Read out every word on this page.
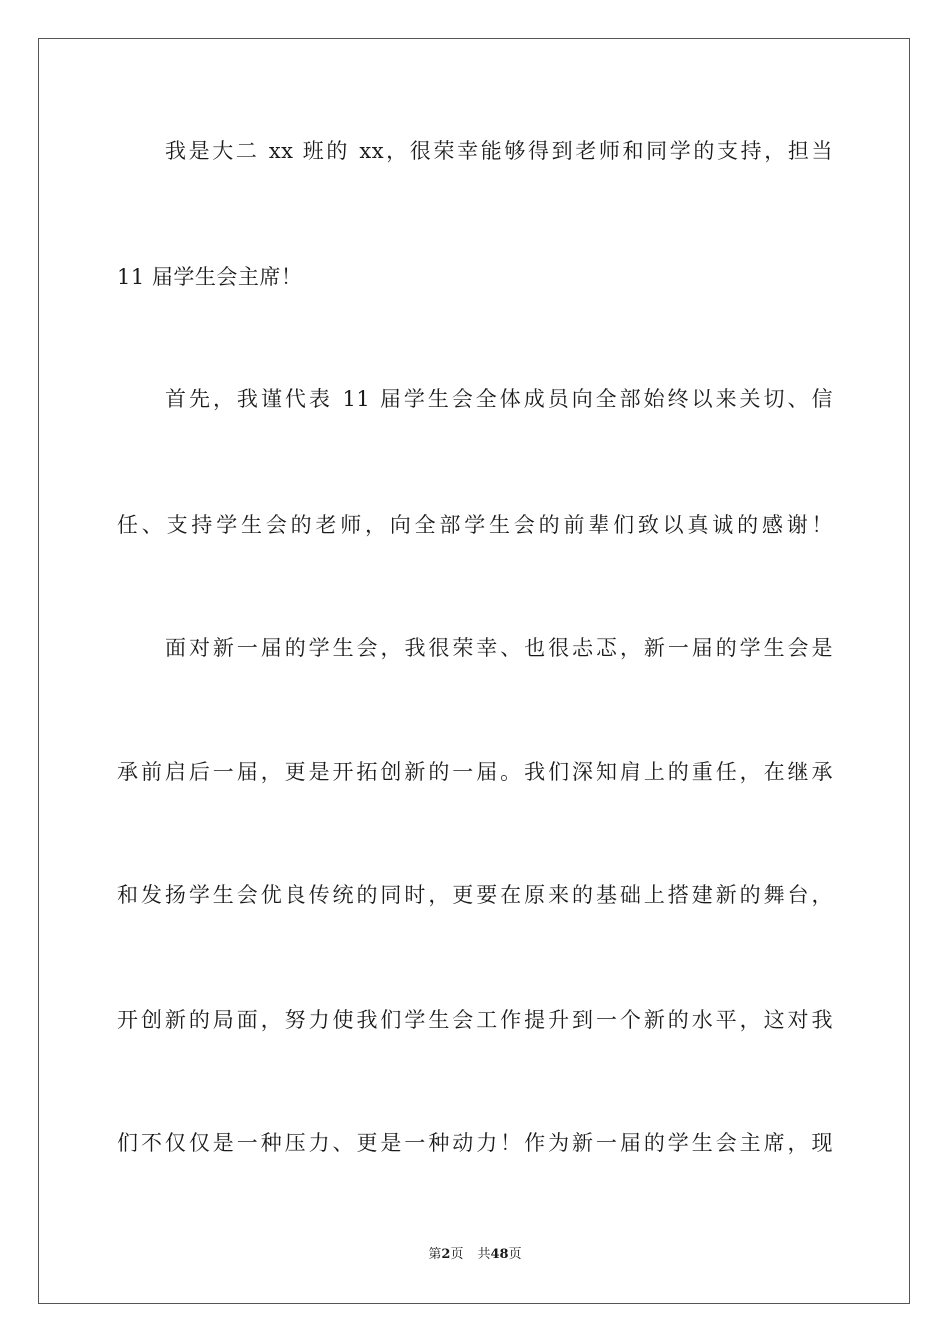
我是大二 xx 班的 xx，很荣幸能够得到老师和同学的支持，担当
11 届学生会主席！
首先，我谨代表 11 届学生会全体成员向全部始终以来关切、信
任、支持学生会的老师，向全部学生会的前辈们致以真诚的感谢！
面对新一届的学生会，我很荣幸、也很忐忑，新一届的学生会是
承前启后一届，更是开拓创新的一届。我们深知肩上的重任，在继承
和发扬学生会优良传统的同时，更要在原来的基础上搭建新的舞台，
开创新的局面，努力使我们学生会工作提升到一个新的水平，这对我
们不仅仅是一种压力、更是一种动力！作为新一届的学生会主席，现
第2页 共48页
